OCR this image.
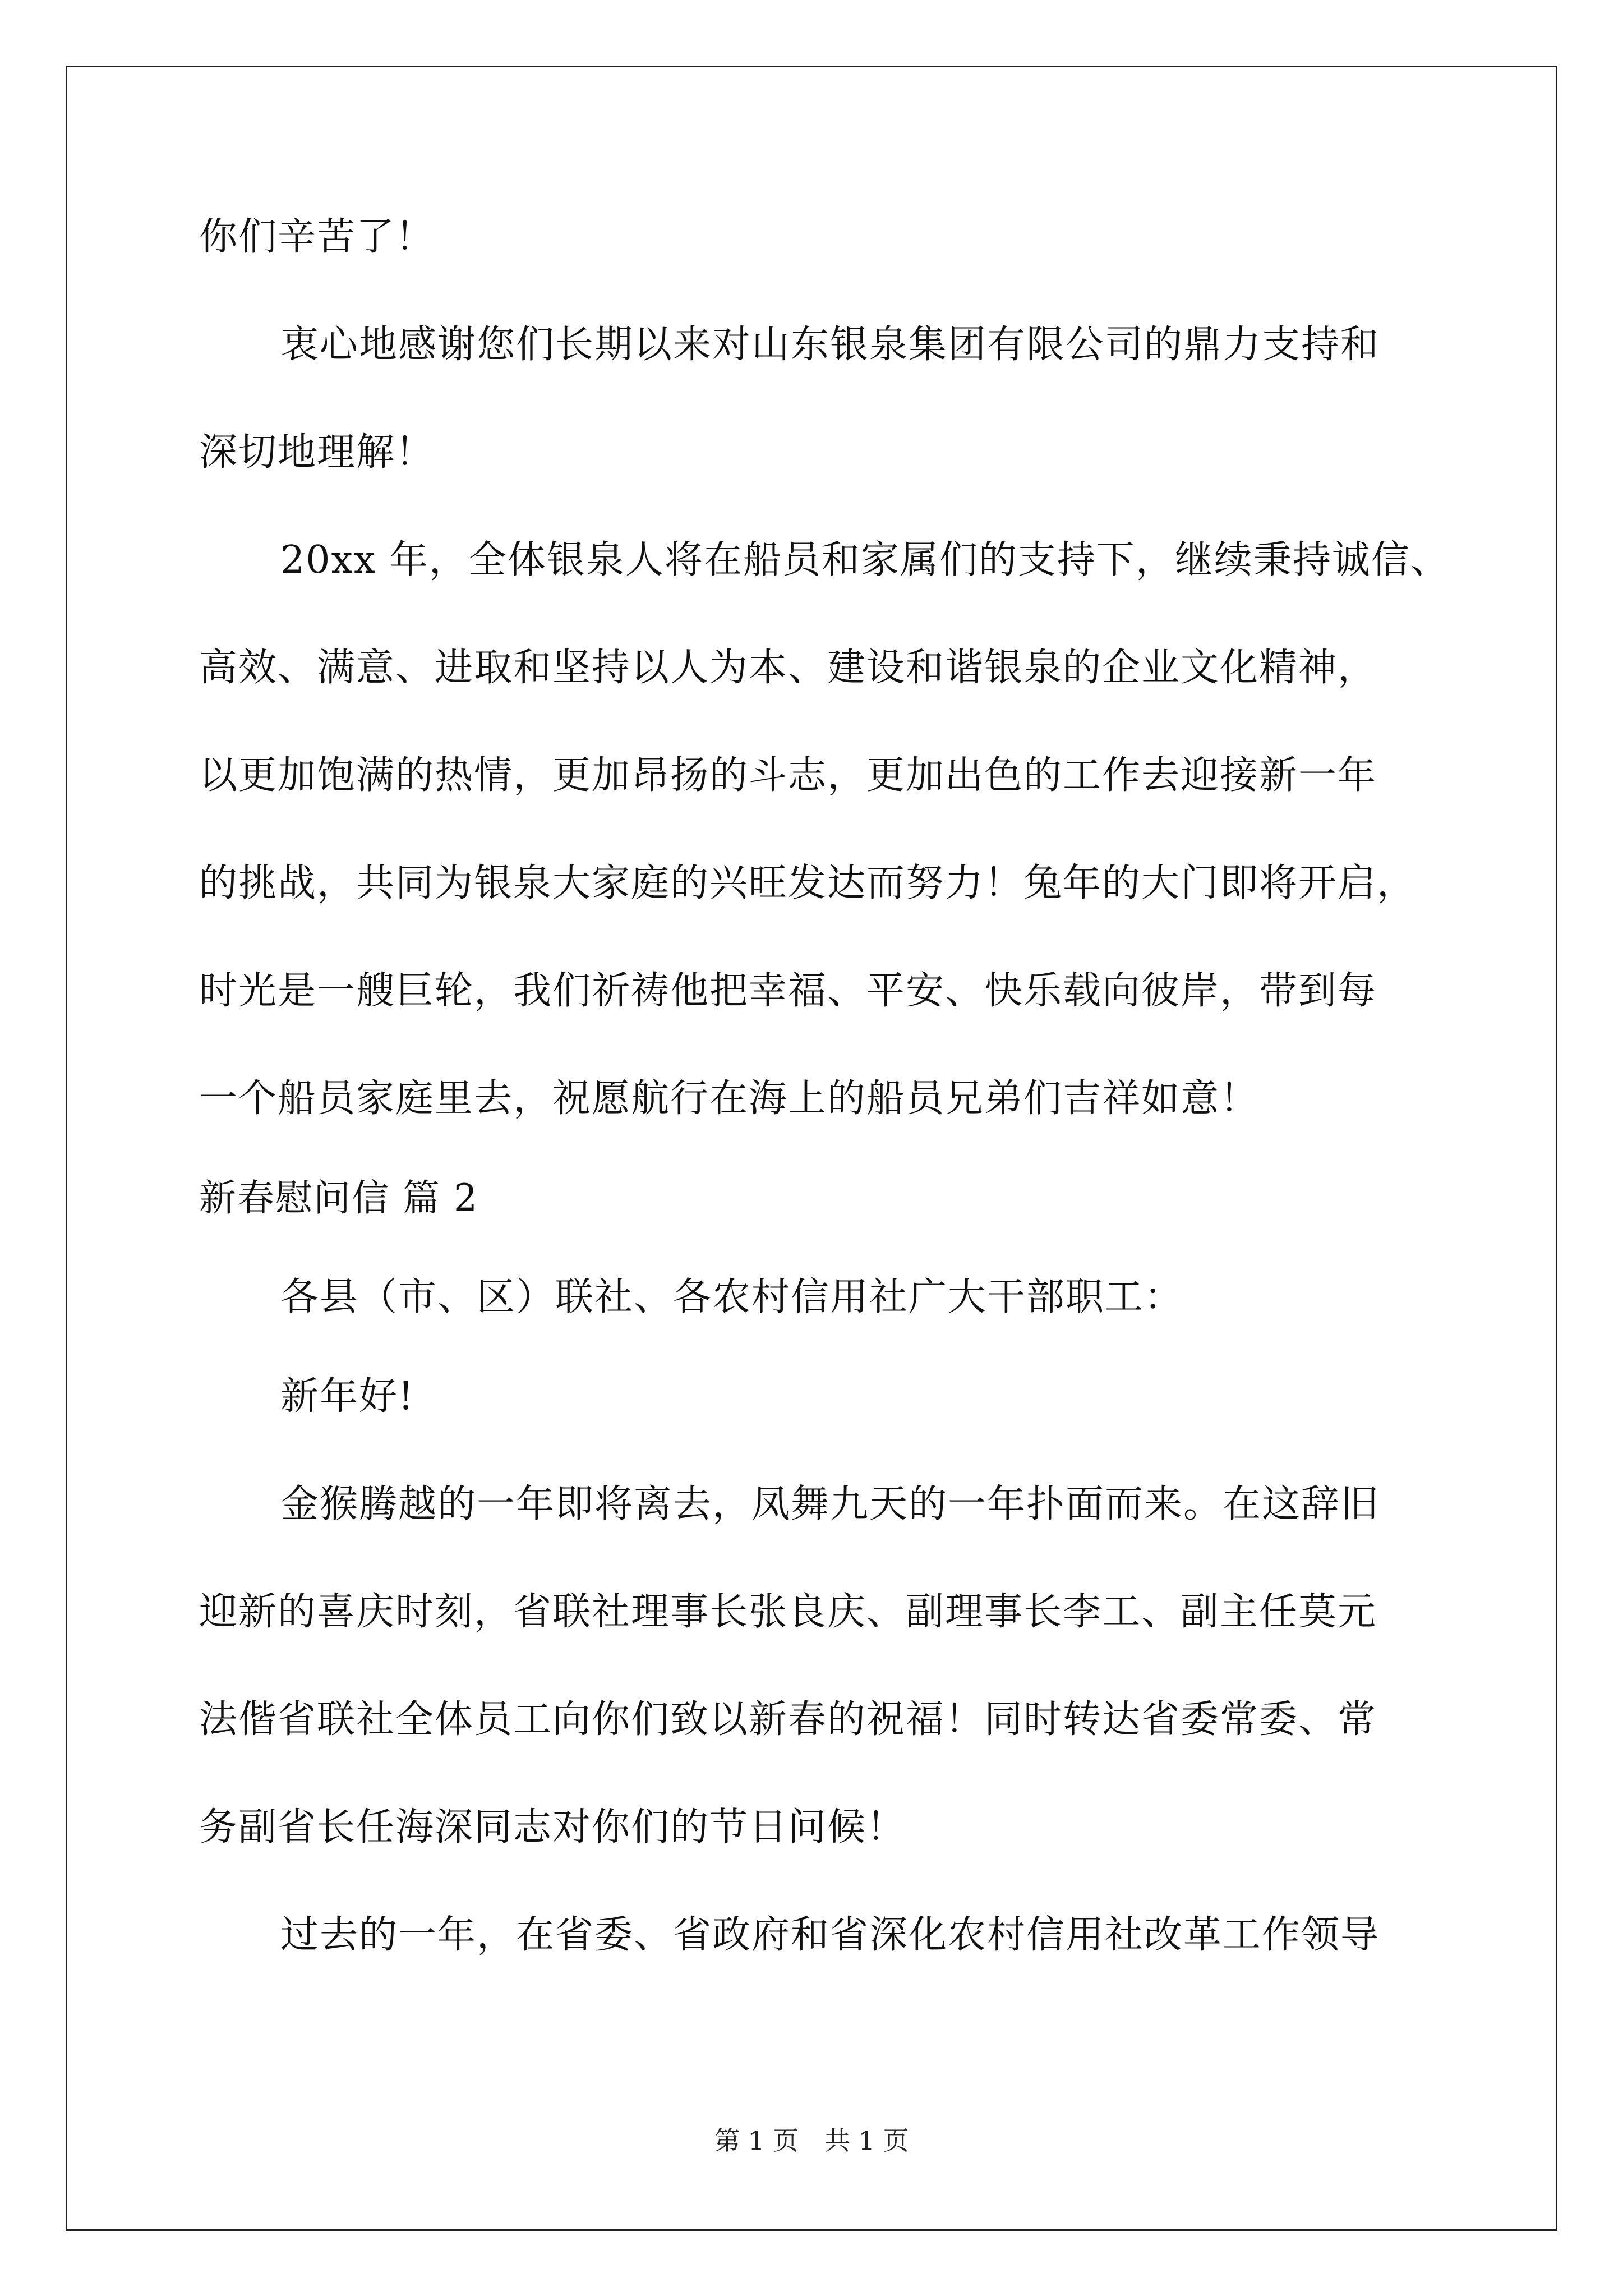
你们辛苦了！

衷心地感谢您们长期以来对山东银泉集团有限公司的鼎力支持和

深切地理解！

20xx 年，全体银泉人将在船员和家属们的支持下，继续秉持诚信、

高效、满意、进取和坚持以人为本、建设和谐银泉的企业文化精神，

以更加饱满的热情，更加昂扬的斗志，更加出色的工作去迎接新一年

的挑战，共同为银泉大家庭的兴旺发达而努力！兔年的大门即将开启，

时光是一艘巨轮，我们祈祷他把幸福、平安、快乐载向彼岸，带到每

一个船员家庭里去，祝愿航行在海上的船员兄弟们吉祥如意！

新春慰问信 篇 2

各县（市、区）联社、各农村信用社广大干部职工：

新年好!

金猴腾越的一年即将离去，凤舞九天的一年扑面而来。在这辞旧

迎新的喜庆时刻，省联社理事长张良庆、副理事长李工、副主任莫元

法偕省联社全体员工向你们致以新春的祝福！同时转达省委常委、常

务副省长任海深同志对你们的节日问候！

过去的一年，在省委、省政府和省深化农村信用社改革工作领导

第 1 页　共 1 页
